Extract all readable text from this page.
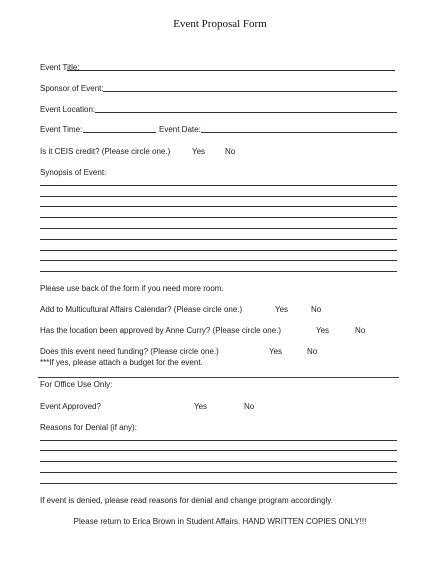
Event Proposal Form
Event Title:
Sponsor of Event:
Event Location:
Event Time:	Event Date:
Is it CEIS credit? (Please circle one.)	Yes No
Synopsis of Event:
Please use back of the form if you need more room.
Add to Multicultural Affairs Calendar? (Please circle one.)	Yes	No
Has the location been approved by Anne Curry? (Please circle one.)	Yes	No
Does this event need funding? (Please circle one.)	Yes	No
***If yes, please attach a budget for the event.
For Office Use Only:
Event Approved?	Yes	No
Reasons for Denial (if any):
If event is denied, please read reasons for denial and change program accordingly.
Please return to Erica Brown in Student Affairs. HAND WRITTEN COPIES ONLY!!!
